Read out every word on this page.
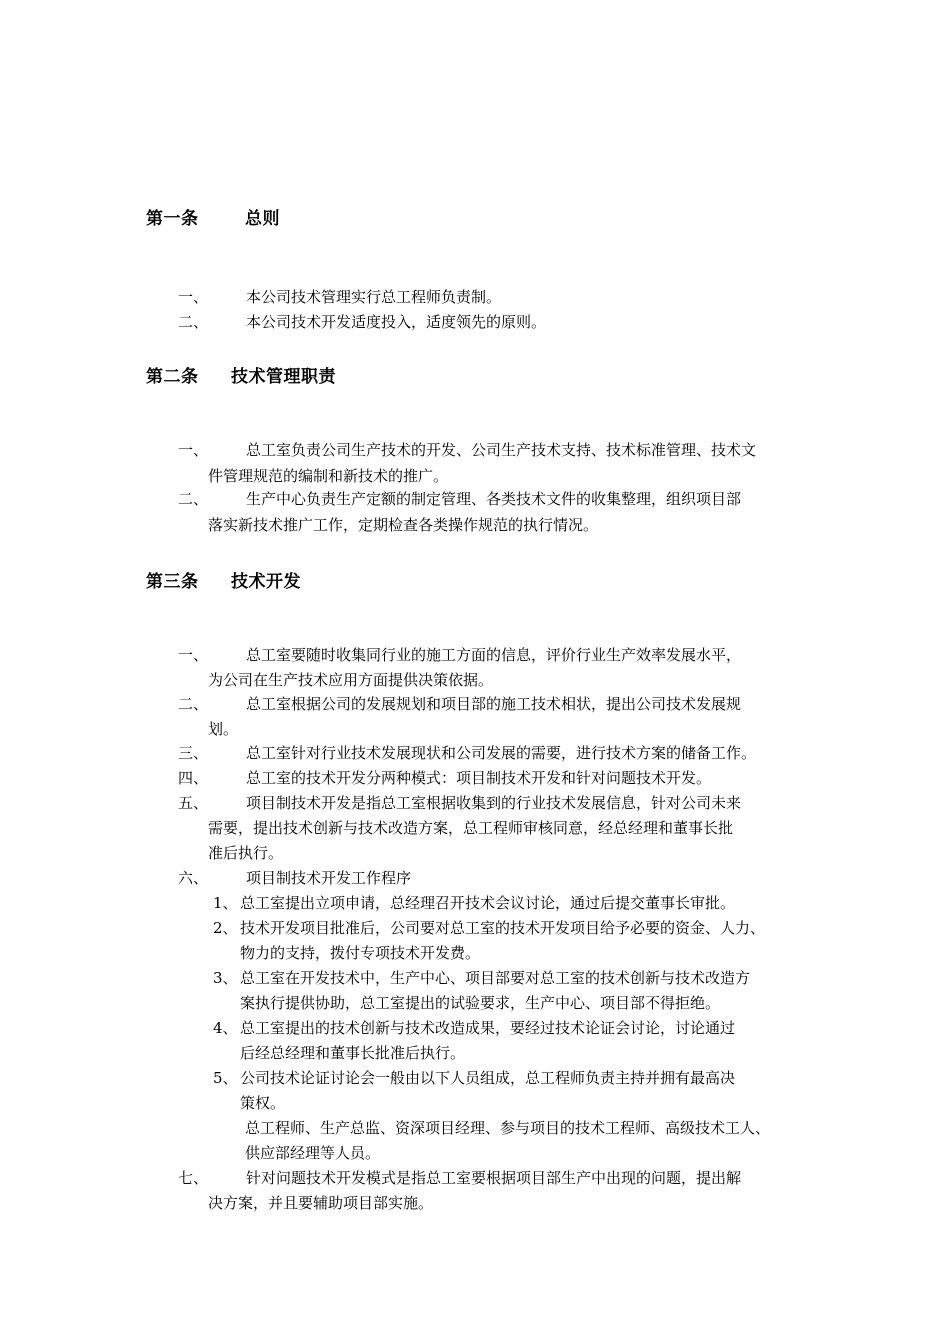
第一条	总则
一、	本公司技术管理实行总工程师负责制。
二、	本公司技术开发适度投入，适度领先的原则。
第二条 技术管理职责
一、	总工室负责公司生产技术的开发、公司生产技术支持、技术标准管理、技术文
件管理规范的编制和新技术的推广。
二、	生产中心负责生产定额的制定管理、各类技术文件的收集整理，组织项目部
落实新技术推广工作，定期检查各类操作规范的执行情况。
第三条 技术开发
一、	总工室要随时收集同行业的施工方面的信息，评价行业生产效率发展水平，
为公司在生产技术应用方面提供决策依据。
二、	总工室根据公司的发展规划和项目部的施工技术相状，提出公司技术发展规
划。
三、	总工室针对行业技术发展现状和公司发展的需要，进行技术方案的储备工作。
四、	总工室的技术开发分两种模式：项目制技术开发和针对问题技术开发。
五、	项目制技术开发是指总工室根据收集到的行业技术发展信息，针对公司未来
需要，提出技术创新与技术改造方案，总工程师审核同意，经总经理和董事长批
准后执行。
六、	项目制技术开发工作程序
1、 总工室提出立项申请，总经理召开技术会议讨论，通过后提交董事长审批。
2、 技术开发项目批准后，公司要对总工室的技术开发项目给予必要的资金、人力、
物力的支持，拨付专项技术开发费。
3、 总工室在开发技术中，生产中心、项目部要对总工室的技术创新与技术改造方
案执行提供协助，总工室提出的试验要求，生产中心、项目部不得拒绝。
4、 总工室提出的技术创新与技术改造成果，要经过技术论证会讨论，讨论通过
后经总经理和董事长批准后执行。
5、 公司技术论证讨论会一般由以下人员组成，总工程师负责主持并拥有最高决
策权。
总工程师、生产总监、资深项目经理、参与项目的技术工程师、高级技术工人、
供应部经理等人员。
七、	针对问题技术开发模式是指总工室要根据项目部生产中出现的问题，提出解
决方案，并且要辅助项目部实施。
